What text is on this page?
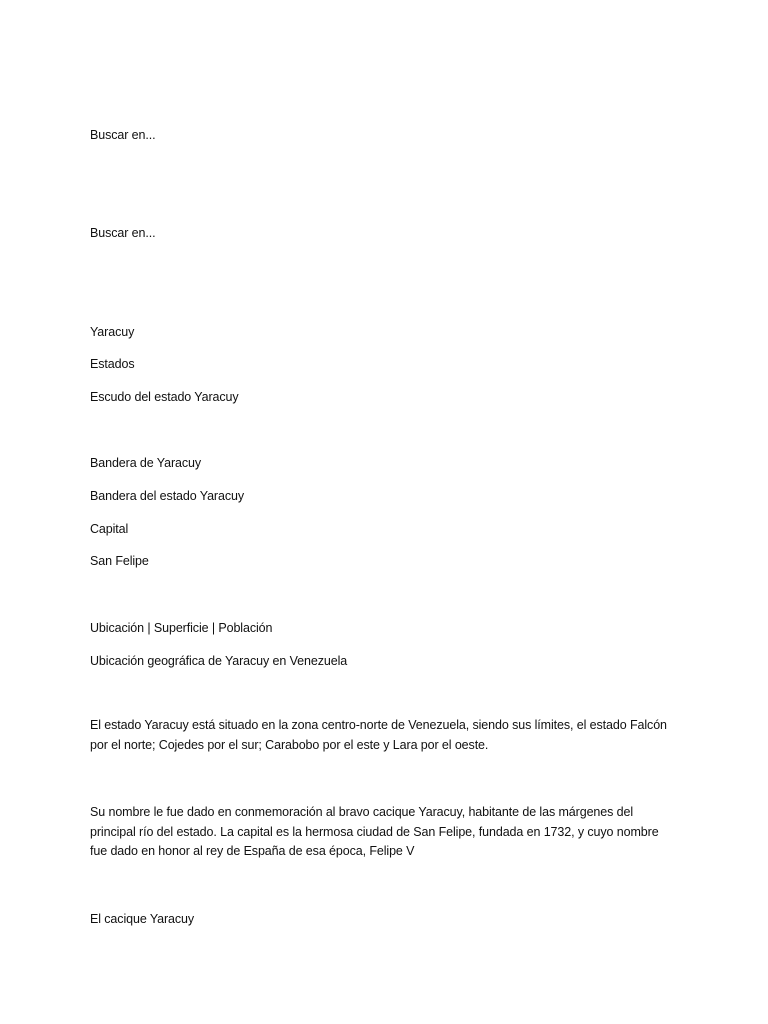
Buscar en...
Buscar en...
Yaracuy
Estados
Escudo del estado Yaracuy
Bandera de Yaracuy
Bandera del estado Yaracuy
Capital
San Felipe
Ubicación | Superficie | Población
Ubicación geográfica de Yaracuy en Venezuela
El estado Yaracuy está situado en la zona centro-norte de Venezuela, siendo sus límites, el estado Falcón
por el norte; Cojedes por el sur; Carabobo por el este y Lara por el oeste.
Su nombre le fue dado en conmemoración al bravo cacique Yaracuy, habitante de las márgenes del
principal río del estado. La capital es la hermosa ciudad de San Felipe, fundada en 1732, y cuyo nombre
fue dado en honor al rey de España de esa época, Felipe V
El cacique Yaracuy
